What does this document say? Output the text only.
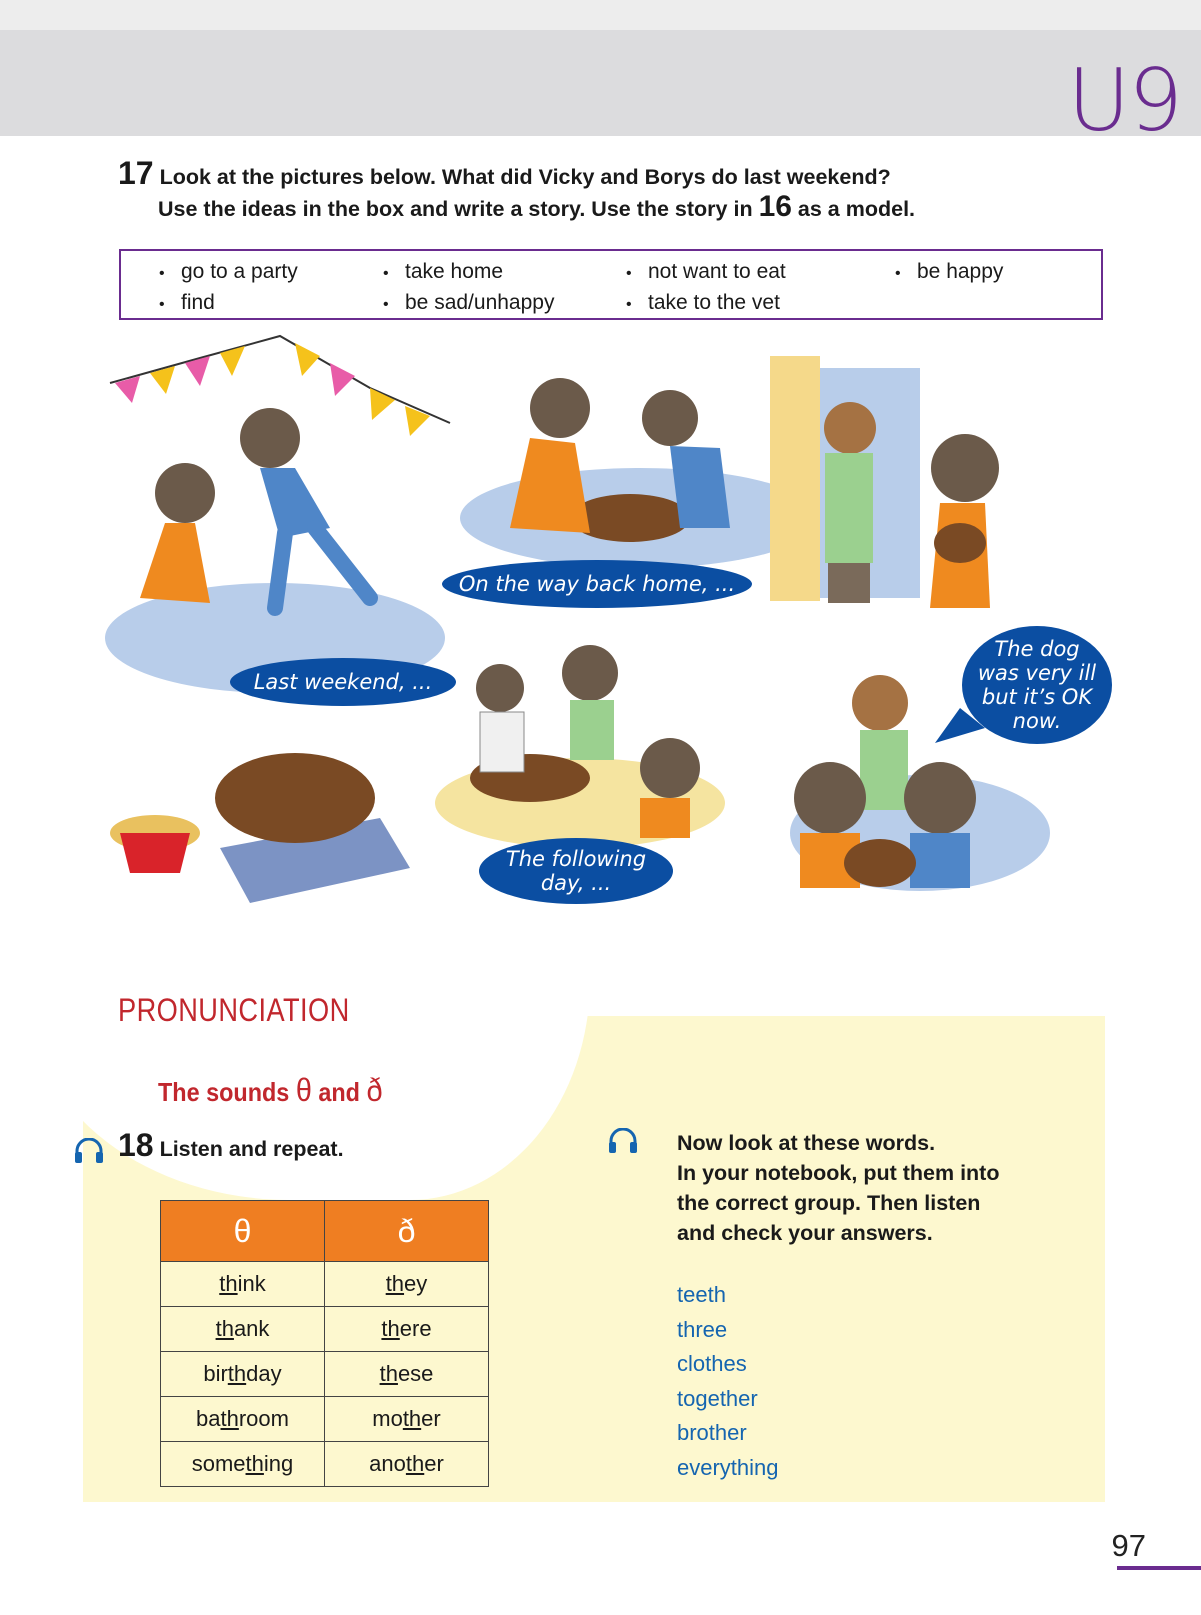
U9
17 Look at the pictures below. What did Vicky and Borys do last weekend?
Use the ideas in the box and write a story. Use the story in 16 as a model.
• go to a party
• find
• take home
• be sad/unhappy
• not want to eat
• take to the vet
• be happy
Last weekend, ...
On the way back home, ...
The following day, ...
The dog was very ill but it’s OK now.
PRONUNCIATION
The sounds θ and ð
18 Listen and repeat.
θ	ð
think	they
thank	there
birthday	these
bathroom	mother
something	another
Now look at these words.
In your notebook, put them into
the correct group. Then listen
and check your answers.
teeth
three
clothes
together
brother
everything
97
